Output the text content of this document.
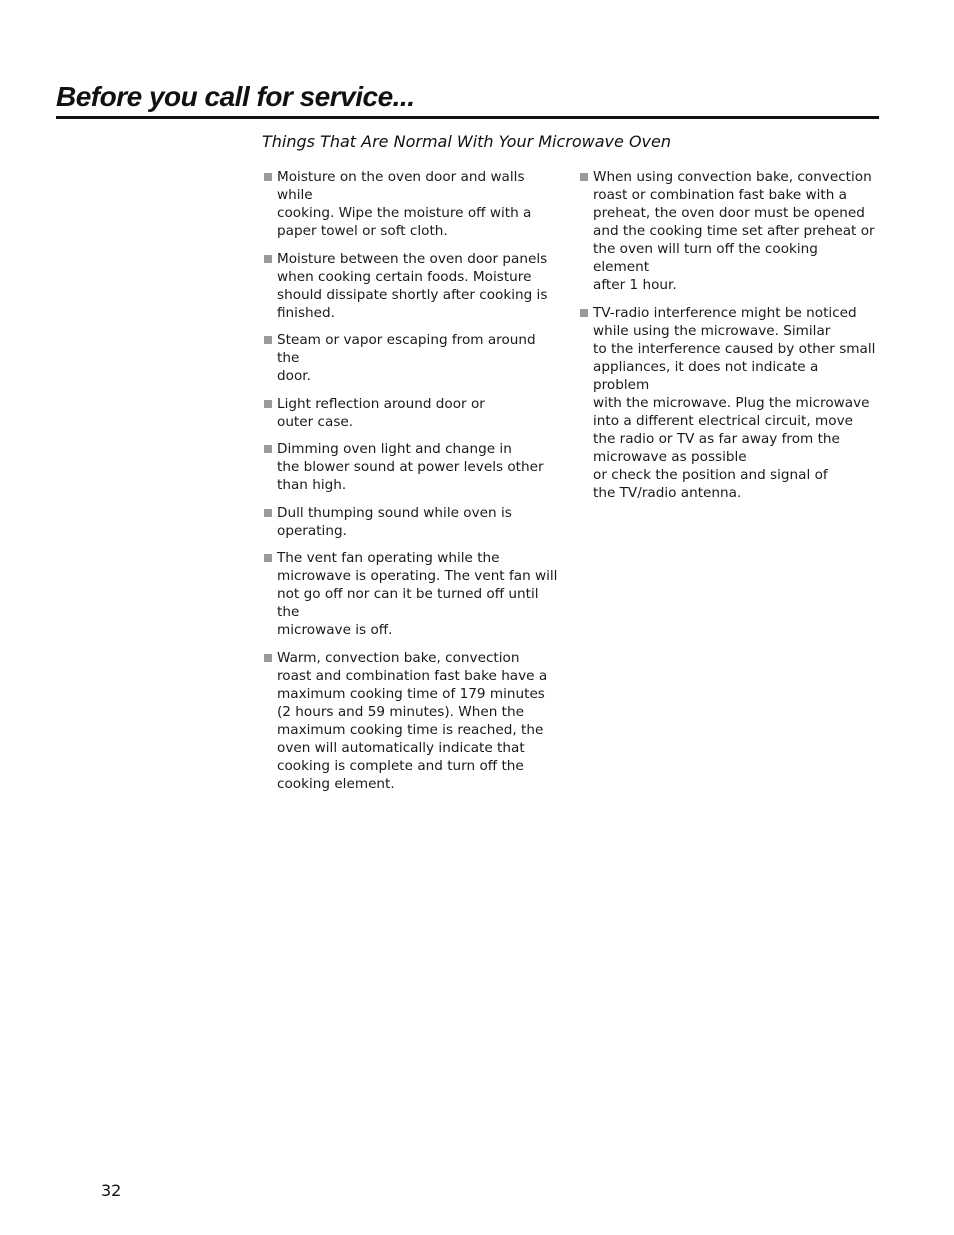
Before you call for service...
Things That Are Normal With Your Microwave Oven
Moisture on the oven door and walls while
cooking. Wipe the moisture off with a
paper towel or soft cloth.
Moisture between the oven door panels
when cooking certain foods. Moisture
should dissipate shortly after cooking is
finished.
Steam or vapor escaping from around the
door.
Light reflection around door or
outer case.
Dimming oven light and change in
the blower sound at power levels other
than high.
Dull thumping sound while oven is
operating.
The vent fan operating while the
microwave is operating. The vent fan will
not go off nor can it be turned off until the
microwave is off.
Warm, convection bake, convection
roast and combination fast bake have a
maximum cooking time of 179 minutes
(2 hours and 59 minutes). When the
maximum cooking time is reached, the
oven will automatically indicate that
cooking is complete and turn off the
cooking element.
When using convection bake, convection
roast or combination fast bake with a
preheat, the oven door must be opened
and the cooking time set after preheat or
the oven will turn off the cooking element
after 1 hour.
TV-radio interference might be noticed
while using the microwave. Similar
to the interference caused by other small
appliances, it does not indicate a problem
with the microwave. Plug the microwave
into a different electrical circuit, move
the radio or TV as far away from the
microwave as possible
or check the position and signal of
the TV/radio antenna.
32
